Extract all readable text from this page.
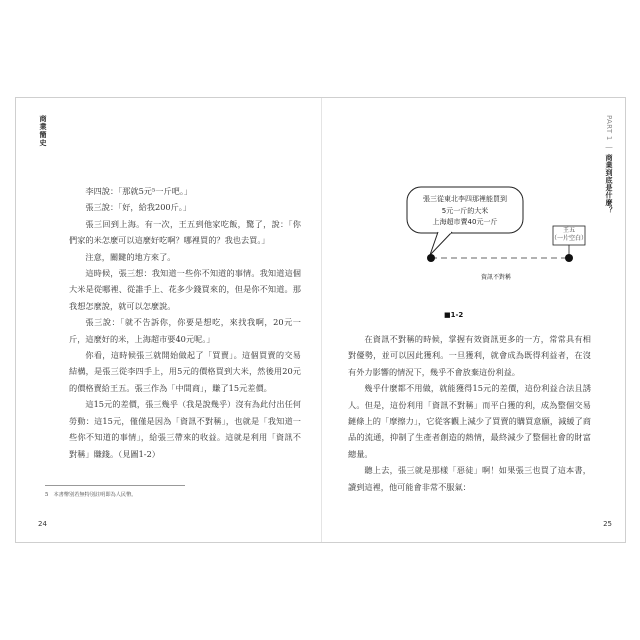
商業簡史

李四說：「那就5元⁵一斤吧。」

張三說：「好，給我200斤。」

張三回到上海。有一次，王五到他家吃飯，驚了，說：「你們家的米怎麼可以這麼好吃啊？哪裡買的？我也去買。」

注意，關鍵的地方來了。

這時候，張三想：我知道一些你不知道的事情。我知道這個大米是從哪裡、從誰手上、花多少錢買來的，但是你不知道。那我想怎麼說，就可以怎麼說。

張三說：「就不告訴你，你要是想吃，來找我啊，20元一斤，這麼好的米，上海超市要40元呢。」

你看，這時候張三就開始做起了「買賣」。這個買賣的交易結構，是張三從李四手上，用5元的價格買到大米，然後用20元的價格賣給王五。張三作為「中間商」，賺了15元差價。

這15元的差價，張三幾乎（我是說幾乎）沒有為此付出任何勞動：這15元，僅僅是因為「資訊不對稱」，也就是「我知道一些你不知道的事情」，給張三帶來的收益。這就是利用「資訊不對稱」賺錢。（見圖1-2）

5　本書幣別若無特別註明即為人民幣。
24
PART 1 ｜ 商業到底是什麼？
張三從東北李四那裡能買到
5元一斤的大米
上海超市賣40元一斤
王五
（一片空白）
資訊不對稱
■1-2

在資訊不對稱的時候，掌握有效資訊更多的一方，常常具有相對優勢，並可以因此獲利。一旦獲利，就會成為既得利益者，在沒有外力影響的情況下，幾乎不會放棄這份利益。

幾乎什麼都不用做，就能獲得15元的差價，這份利益合法且誘人。但是，這份利用「資訊不對稱」而平白獲的利，成為整個交易鏈條上的「摩擦力」，它從客觀上減少了買賣的購買意願，減緩了商品的流通，抑制了生產者創造的熱情，最終減少了整個社會的財富總量。

聽上去，張三就是那樣「惡徒」啊！如果張三也買了這本書，讀到這裡，他可能會非常不服氣：

25
